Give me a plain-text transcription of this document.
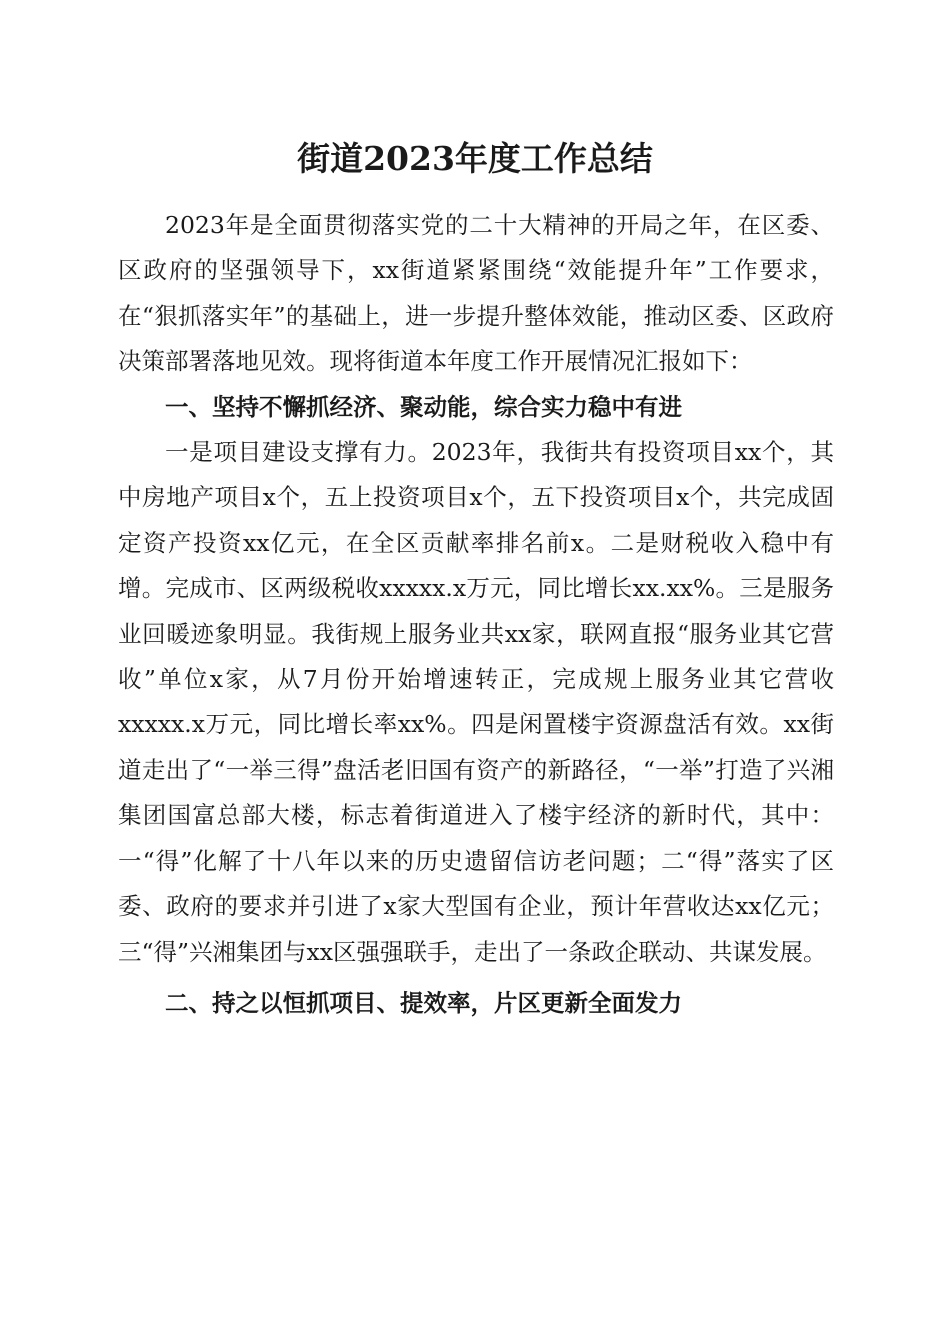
街道2023年度工作总结

2023年是全面贯彻落实党的二十大精神的开局之年，在区委、区政府的坚强领导下，xx街道紧紧围绕“效能提升年”工作要求，在“狠抓落实年”的基础上，进一步提升整体效能，推动区委、区政府决策部署落地见效。现将街道本年度工作开展情况汇报如下：

一、坚持不懈抓经济、聚动能，综合实力稳中有进

一是项目建设支撑有力。2023年，我街共有投资项目xx个，其中房地产项目x个，五上投资项目x个，五下投资项目x个，共完成固定资产投资xx亿元，在全区贡献率排名前x。二是财税收入稳中有增。完成市、区两级税收xxxxx.x万元，同比增长xx.xx%。三是服务业回暖迹象明显。我街规上服务业共xx家，联网直报“服务业其它营收”单位x家，从7月份开始增速转正，完成规上服务业其它营收xxxxx.x万元，同比增长率xx%。四是闲置楼宇资源盘活有效。xx街道走出了“一举三得”盘活老旧国有资产的新路径，“一举”打造了兴湘集团国富总部大楼，标志着街道进入了楼宇经济的新时代，其中：一“得”化解了十八年以来的历史遗留信访老问题；二“得”落实了区委、政府的要求并引进了x家大型国有企业，预计年营收达xx亿元；三“得”兴湘集团与xx区强强联手，走出了一条政企联动、共谋发展。

二、持之以恒抓项目、提效率，片区更新全面发力
